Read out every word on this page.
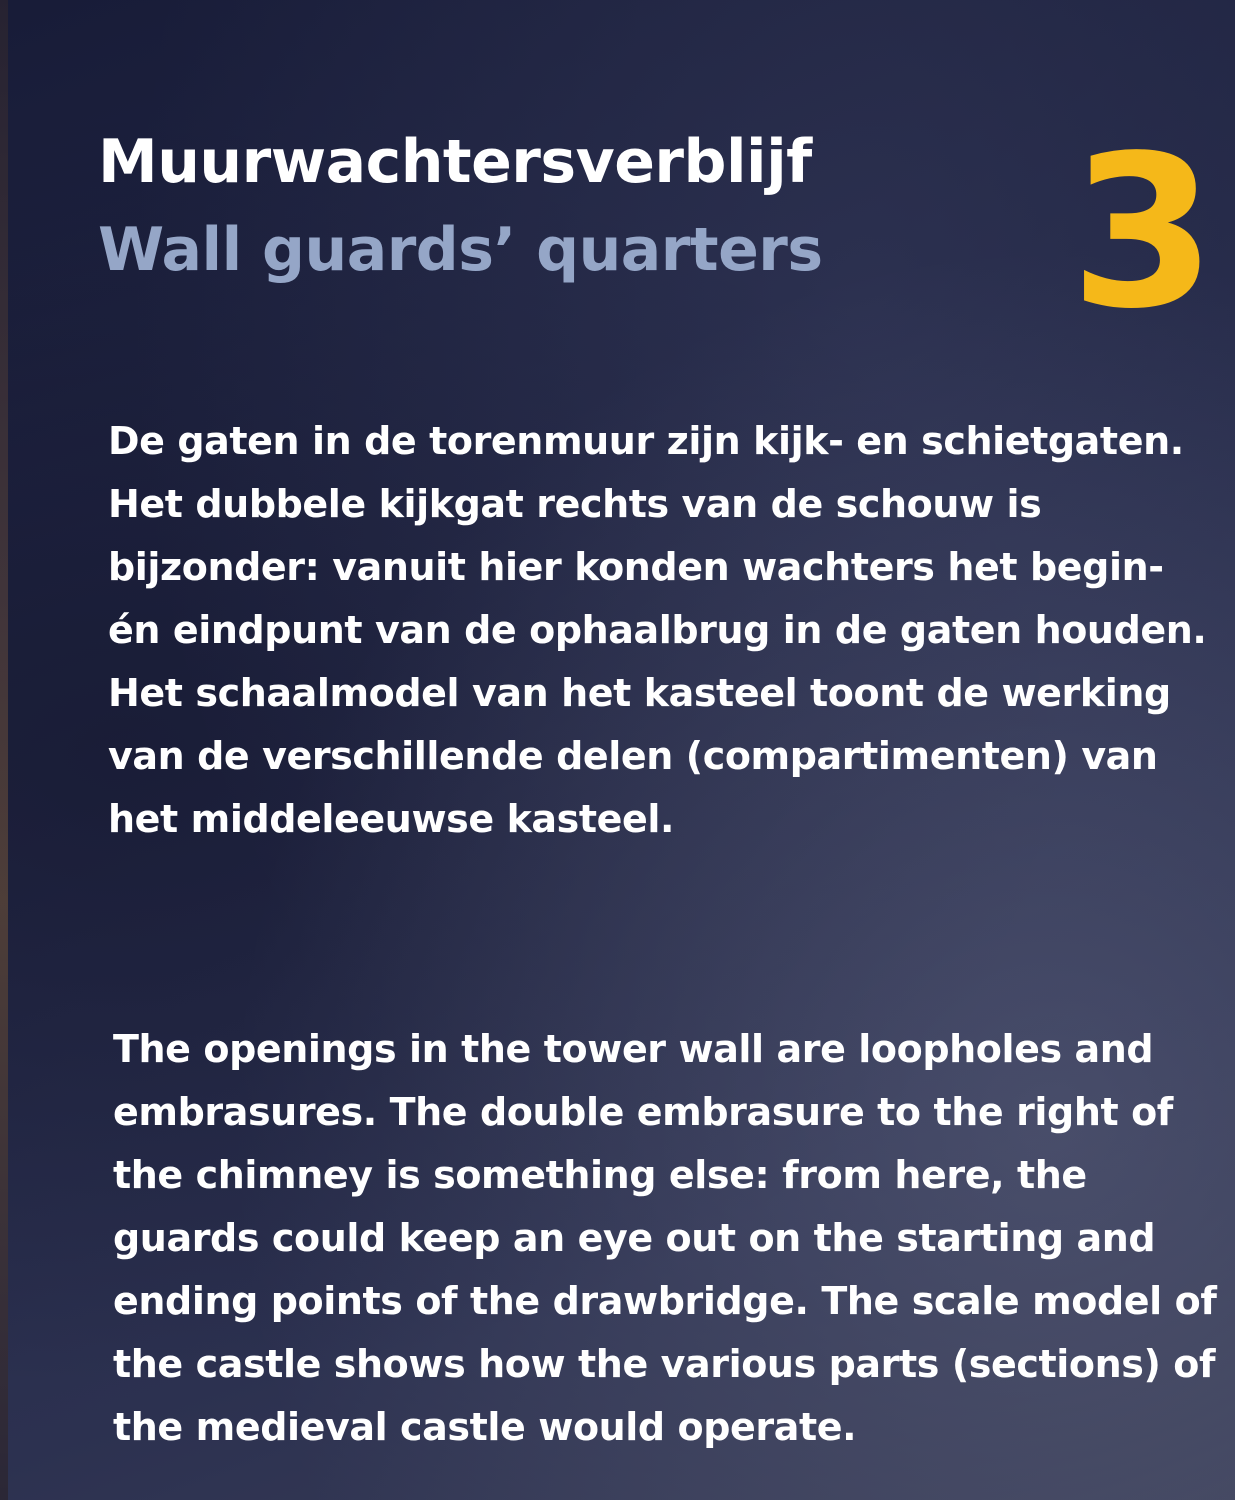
Muurwachtersverblijf
Wall guards’ quarters 3

De gaten in de torenmuur zijn kijk- en schietgaten.
Het dubbele kijkgat rechts van de schouw is
bijzonder: vanuit hier konden wachters het begin-
én eindpunt van de ophaalbrug in de gaten houden.
Het schaalmodel van het kasteel toont de werking
van de verschillende delen (compartimenten) van
het middeleeuwse kasteel.

The openings in the tower wall are loopholes and
embrasures. The double embrasure to the right of
the chimney is something else: from here, the
guards could keep an eye out on the starting and
ending points of the drawbridge. The scale model of
the castle shows how the various parts (sections) of
the medieval castle would operate.
